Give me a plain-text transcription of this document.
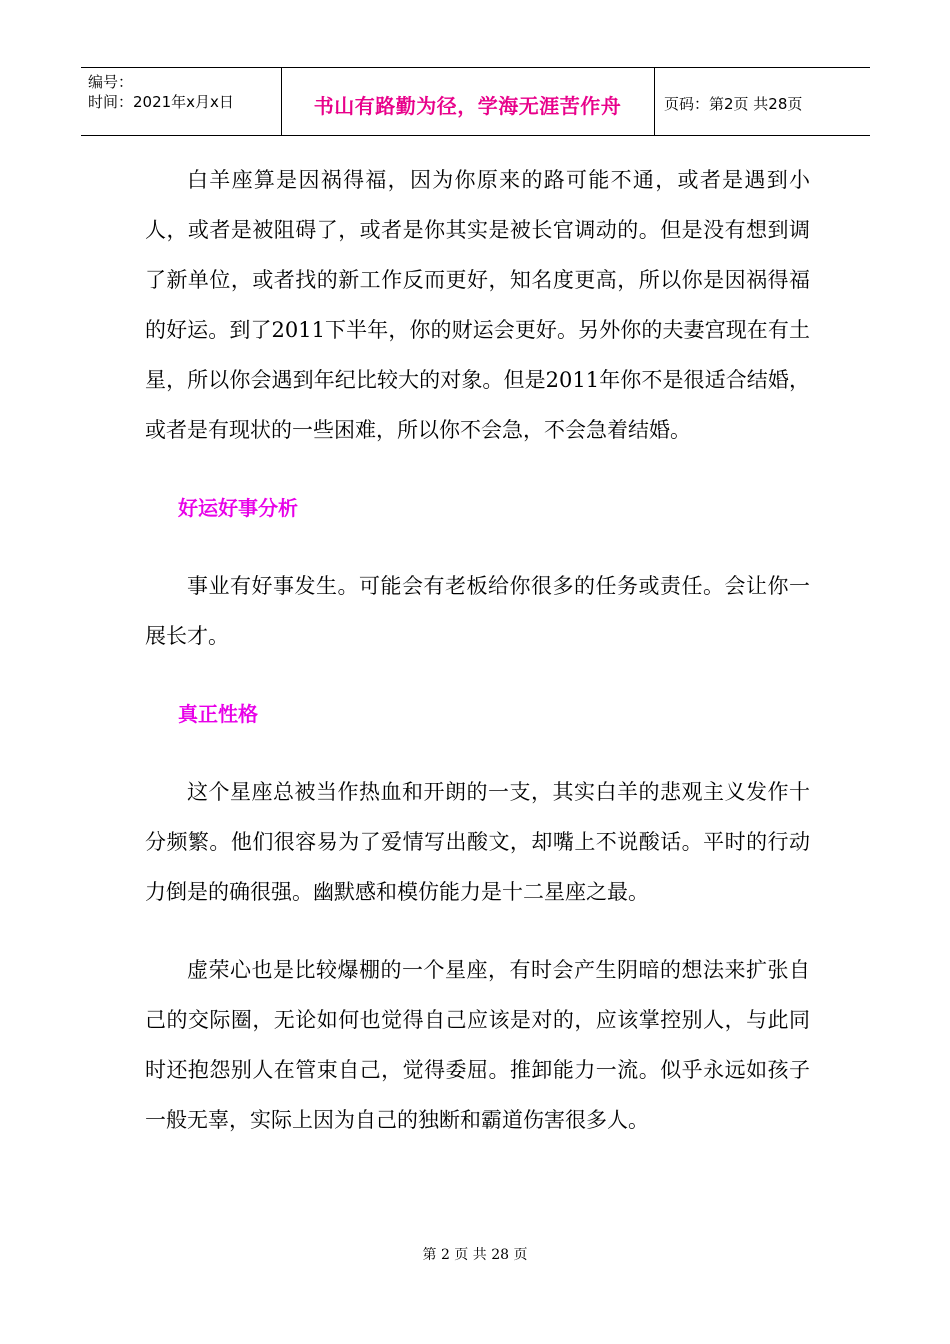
编号：
时间：2021年x月x日	书山有路勤为径，学海无涯苦作舟	页码：第2页 共28页

白羊座算是因祸得福，因为你原来的路可能不通，或者是遇到小人，或者是被阻碍了，或者是你其实是被长官调动的。但是没有想到调了新单位，或者找的新工作反而更好，知名度更高，所以你是因祸得福的好运。到了2011下半年，你的财运会更好。另外你的夫妻宫现在有土星，所以你会遇到年纪比较大的对象。但是2011年你不是很适合结婚，或者是有现状的一些困难，所以你不会急，不会急着结婚。

好运好事分析

事业有好事发生。可能会有老板给你很多的任务或责任。会让你一展长才。

真正性格

这个星座总被当作热血和开朗的一支，其实白羊的悲观主义发作十分频繁。他们很容易为了爱情写出酸文，却嘴上不说酸话。平时的行动力倒是的确很强。幽默感和模仿能力是十二星座之最。

虚荣心也是比较爆棚的一个星座，有时会产生阴暗的想法来扩张自己的交际圈，无论如何也觉得自己应该是对的，应该掌控别人，与此同时还抱怨别人在管束自己，觉得委屈。推卸能力一流。似乎永远如孩子一般无辜，实际上因为自己的独断和霸道伤害很多人。

第 2 页 共 28 页
